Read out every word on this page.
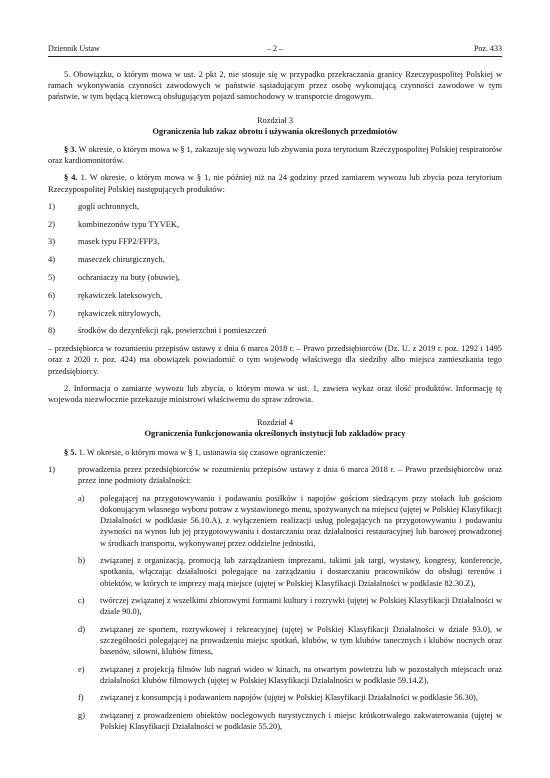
Dziennik Ustaw	– 2 –	Poz. 433

5. Obowiązku, o którym mowa w ust. 2 pkt 2, nie stosuje się w przypadku przekraczania granicy Rzeczypospolitej Polskiej w ramach wykonywania czynności zawodowych w państwie sąsiadującym przez osobę wykonującą czynności zawodowe w tym państwie, w tym będącą kierowcą obsługującym pojazd samochodowy w transporcie drogowym.

Rozdział 3
Ograniczenia lub zakaz obrotu i używania określonych przedmiotów

§ 3. W okresie, o którym mowa w § 1, zakazuje się wywozu lub zbywania poza terytorium Rzeczypospolitej Polskiej respiratorów oraz kardiomonitorów.

§ 4. 1. W okresie, o którym mowa w § 1, nie później niż na 24 godziny przed zamiarem wywozu lub zbycia poza terytorium Rzeczypospolitej Polskiej następujących produktów:

1)	gogli ochronnych,
2)	kombinezonów typu TYVEK,
3)	masek typu FFP2/FFP3,
4)	maseczek chirurgicznych,
5)	ochraniaczy na buty (obuwie),
6)	rękawiczek lateksowych,
7)	rękawiczek nitrylowych,
8)	środków do dezynfekcji rąk, powierzchni i pomieszczeń

– przedsiębiorca w rozumieniu przepisów ustawy z dnia 6 marca 2018 r. – Prawo przedsiębiorców (Dz. U. z 2019 r. poz. 1292 i 1495 oraz z 2020 r. poz. 424) ma obowiązek powiadomić o tym wojewodę właściwego dla siedziby albo miejsca zamieszkania tego przedsiębiorcy.

2. Informacja o zamiarze wywozu lub zbycia, o którym mowa w ust. 1, zawiera wykaz oraz ilość produktów. Informację tę wojewoda niezwłocznie przekazuje ministrowi właściwemu do spraw zdrowia.

Rozdział 4
Ograniczenia funkcjonowania określonych instytucji lub zakładów pracy

§ 5. 1. W okresie, o którym mowa w § 1, ustanawia się czasowe ograniczenie:

1)	prowadzenia przez przedsiębiorców w rozumieniu przepisów ustawy z dnia 6 marca 2018 r. – Prawo przedsiębiorców oraz przez inne podmioty działalności:
a)	polegającej na przygotowywaniu i podawaniu posiłków i napojów gościom siedzącym przy stołach lub gościom dokonującym własnego wyboru potraw z wystawionego menu, spożywanych na miejscu (ujętej w Polskiej Klasyfikacji Działalności w podklasie 56.10.A), z wyłączeniem realizacji usług polegających na przygotowywaniu i podawaniu żywności na wynos lub jej przygotowywaniu i dostarczaniu oraz działalności restauracyjnej lub barowej prowadzonej w środkach transportu, wykonywanej przez oddzielne jednostki,
b)	związanej z organizacją, promocją lub zarządzaniem imprezami, takimi jak targi, wystawy, kongresy, konferencje, spotkania, włączając działalności polegające na zarządzaniu i dostarczaniu pracowników do obsługi terenów i obiektów, w których te imprezy mają miejsce (ujętej w Polskiej Klasyfikacji Działalności w podklasie 82.30.Z),
c)	twórczej związanej z wszelkimi zbiorowymi formami kultury i rozrywki (ujętej w Polskiej Klasyfikacji Działalności w dziale 90.0),
d)	związanej ze sportem, rozrywkowej i rekreacyjnej (ujętej w Polskiej Klasyfikacji Działalności w dziale 93.0), w szczególności polegającej na prowadzeniu miejsc spotkań, klubów, w tym klubów tanecznych i klubów nocnych oraz basenów, siłowni, klubów fitness,
e)	związanej z projekcją filmów lub nagrań wideo w kinach, na otwartym powietrzu lub w pozostałych miejscach oraz działalności klubów filmowych (ujętej w Polskiej Klasyfikacji Działalności w podklasie 59.14.Z),
f)	związanej z konsumpcją i podawaniem napojów (ujętej w Polskiej Klasyfikacji Działalności w podklasie 56.30),
g)	związanej z prowadzeniem obiektów noclegowych turystycznych i miejsc krótkotrwałego zakwaterowania (ujętej w Polskiej Klasyfikacji Działalności w podklasie 55.20),
